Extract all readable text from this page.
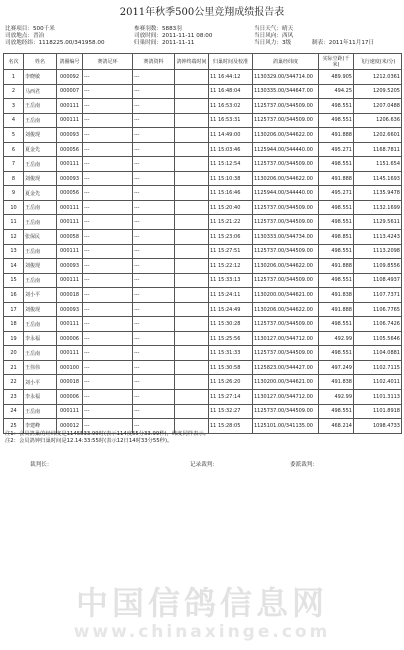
2011年秋季500公里竞翔成绩报告表
比赛项目：500千米
司放地点：晋冶
司放地经纬：1118225.00/341958.00
参赛羽数：5883羽
司放时间：2011-11-11 08:00
归巢时间：2011-11-11
当日天气：晴天
当日风向：西风
当日风力：3级	制表：2011年11月17日
名次	姓名	鸽圈编号	赛鸽足环	赛鸽资料	鸽钟终端时间	归巢时间及校准	鸽巢经纬度	实际空距(千米)	飞行速度(米/分)
1	李晓敏	000092	---	---		11 16:44:12	1130329.00/344714.00	489.905	1212.0361
2	马西君	000007	---	---		11 16:48:04	1130335.00/344647.00	494.25	1209.5205
3	王岳南	000111	---	---		11 16:53:02	1125737.00/344509.00	498.551	1207.0488
4	王岳南	000111	---	---		11 16:53:31	1125737.00/344509.00	498.551	1206.636
5	刘俊现	000093	---	---		11 14:49:00	1130206.00/344622.00	491.888	1202.6601
6	夏金先	000056	---	---		11 15:03:46	1125944.00/344440.00	495.271	1168.7811
7	王岳南	000111	---	---		11 15:12:54	1125737.00/344509.00	498.551	1151.654
8	刘俊现	000093	---	---		11 15:10:38	1130206.00/344622.00	491.888	1145.1693
9	夏金先	000056	---	---		11 15:16:46	1125944.00/344440.00	495.271	1135.9478
10	王岳南	000111	---	---		11 15:20:40	1125737.00/344509.00	498.551	1132.1699
11	王岳南	000111	---	---		11 15:21:22	1125737.00/344509.00	498.551	1129.5611
12	张保民	000058	---	---		11 15:23:06	1130333.00/344734.00	498.851	1113.4243
13	王岳南	000111	---	---		11 15:27:51	1125737.00/344509.00	498.551	1113.2098
14	刘俊现	000093	---	---		11 15:22:12	1130206.00/344622.00	491.888	1109.8556
15	王岳南	000111	---	---		11 15:33:13	1125737.00/344509.00	498.551	1108.4937
16	刘小平	000018	---	---		11 15:24:11	1130200.00/344621.00	491.838	1107.7371
17	刘俊现	000093	---	---		11 15:24:49	1130206.00/344622.00	491.888	1106.7765
18	王岳南	000111	---	---		11 15:30:28	1125737.00/344509.00	498.551	1106.7426
19	李永福	000006	---	---		11 15:25:56	1130127.00/344712.00	492.99	1105.5646
20	王岳南	000111	---	---		11 15:31:33	1125737.00/344509.00	498.551	1104.0881
21	王伟伟	000100	---	---		11 15:30:58	1125823.00/344427.00	497.249	1102.7115
22	刘小平	000018	---	---		11 15:26:20	1130200.00/344621.00	491.838	1102.4011
23	李永福	000006	---	---		11 15:27:14	1130127.00/344712.00	492.99	1101.3113
24	王岳南	000111	---	---		11 15:32:27	1125737.00/344509.00	498.551	1101.8918
25	李建峰	000012	---	---		11 15:28:05	1125101.00/341135.00	468.214	1098.4733
注1：会员鸽巢的经纬度是1145533.99时(表示114度55分33.99秒)，纬度同样表示。
注2：会员鸽钟归巢时间是12.14:33:55时(表示12日14时33分55秒)。
裁判长：	记录裁判：	委派裁判：
中国信鸽信息网
www.chinaxinge.com
